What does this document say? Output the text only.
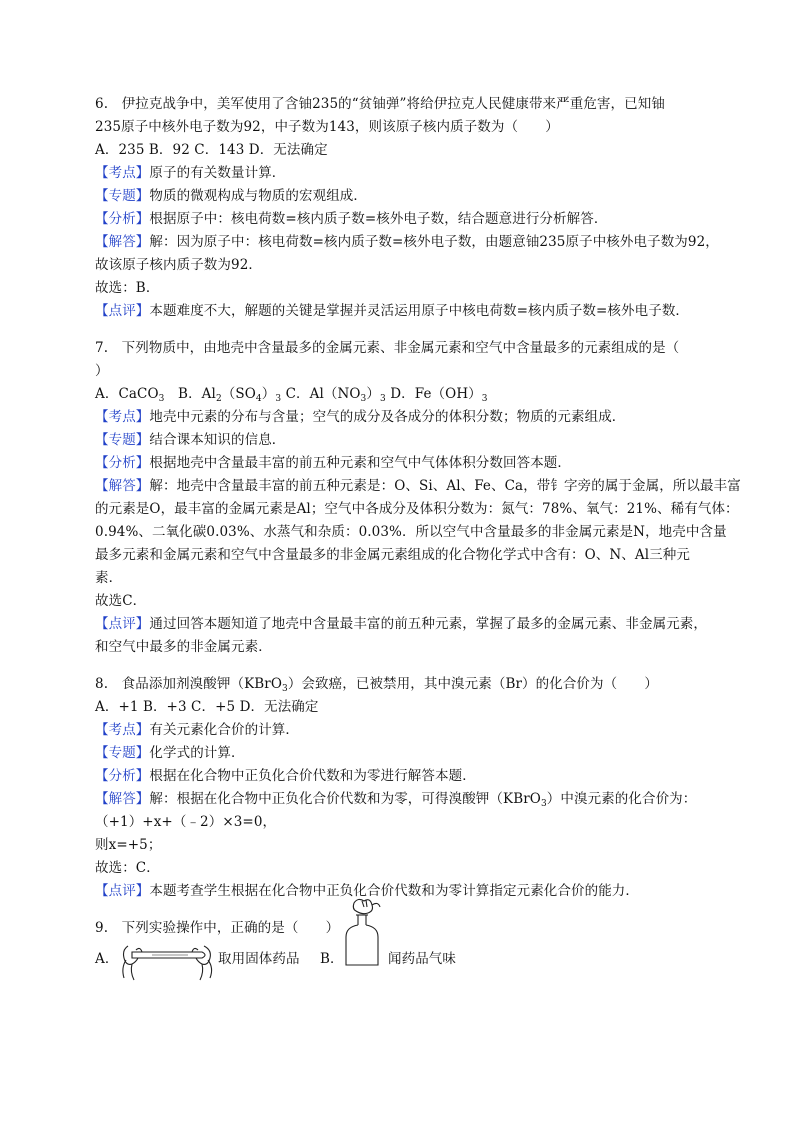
6.　伊拉克战争中，美军使用了含铀235的“贫铀弹”将给伊拉克人民健康带来严重危害，已知铀
235原子中核外电子数为92，中子数为143，则该原子核内质子数为（　　）
A．235 B．92 C．143 D．无法确定
【考点】原子的有关数量计算．
【专题】物质的微观构成与物质的宏观组成．
【分析】根据原子中：核电荷数=核内质子数=核外电子数，结合题意进行分析解答．
【解答】解：因为原子中：核电荷数=核内质子数=核外电子数，由题意铀235原子中核外电子数为92，
故该原子核内质子数为92．
故选：B．
【点评】本题难度不大，解题的关键是掌握并灵活运用原子中核电荷数=核内质子数=核外电子数．
7.　下列物质中，由地壳中含量最多的金属元素、非金属元素和空气中含量最多的元素组成的是（
）
A．CaCO$_3$　B．$Al_2(SO_4)_3$ C．$Al(NO_3)_3$ D．$Fe(OH)_3$
【考点】地壳中元素的分布与含量；空气的成分及各成分的体积分数；物质的元素组成．
【专题】结合课本知识的信息．
【分析】根据地壳中含量最丰富的前五种元素和空气中气体体积分数回答本题．
【解答】解：地壳中含量最丰富的前五种元素是：O、Si、Al、Fe、Ca，带钅字旁的属于金属，所以最丰富
的元素是O，最丰富的金属元素是Al；空气中各成分及体积分数为：氮气：78%、氧气：21%、稀有气体：
0.94%、二氧化碳0.03%、水蒸气和杂质：0.03%．所以空气中含量最多的非金属元素是N，地壳中含量
最多元素和金属元素和空气中含量最多的非金属元素组成的化合物化学式中含有：O、N、Al三种元
素．
故选C．
【点评】通过回答本题知道了地壳中含量最丰富的前五种元素，掌握了最多的金属元素、非金属元素，
和空气中最多的非金属元素．
8.　食品添加剂溴酸钾（KBrO$_3$）会致癌，已被禁用，其中溴元素（Br）的化合价为（　　）
A．+1 B．+3 C．+5 D．无法确定
【考点】有关元素化合价的计算．
【专题】化学式的计算．
【分析】根据在化合物中正负化合价代数和为零进行解答本题．
【解答】解：根据在化合物中正负化合价代数和为零，可得溴酸钾（KBrO$_3$）中溴元素的化合价为：
（+1）+x+（﹣2）×3=0，
则x=+5；
故选：C．
【点评】本题考查学生根据在化合物中正负化合价代数和为零计算指定元素化合价的能力．
9.　下列实验操作中，正确的是（　　）
A．	取用固体药品 B．	闻药品气味
